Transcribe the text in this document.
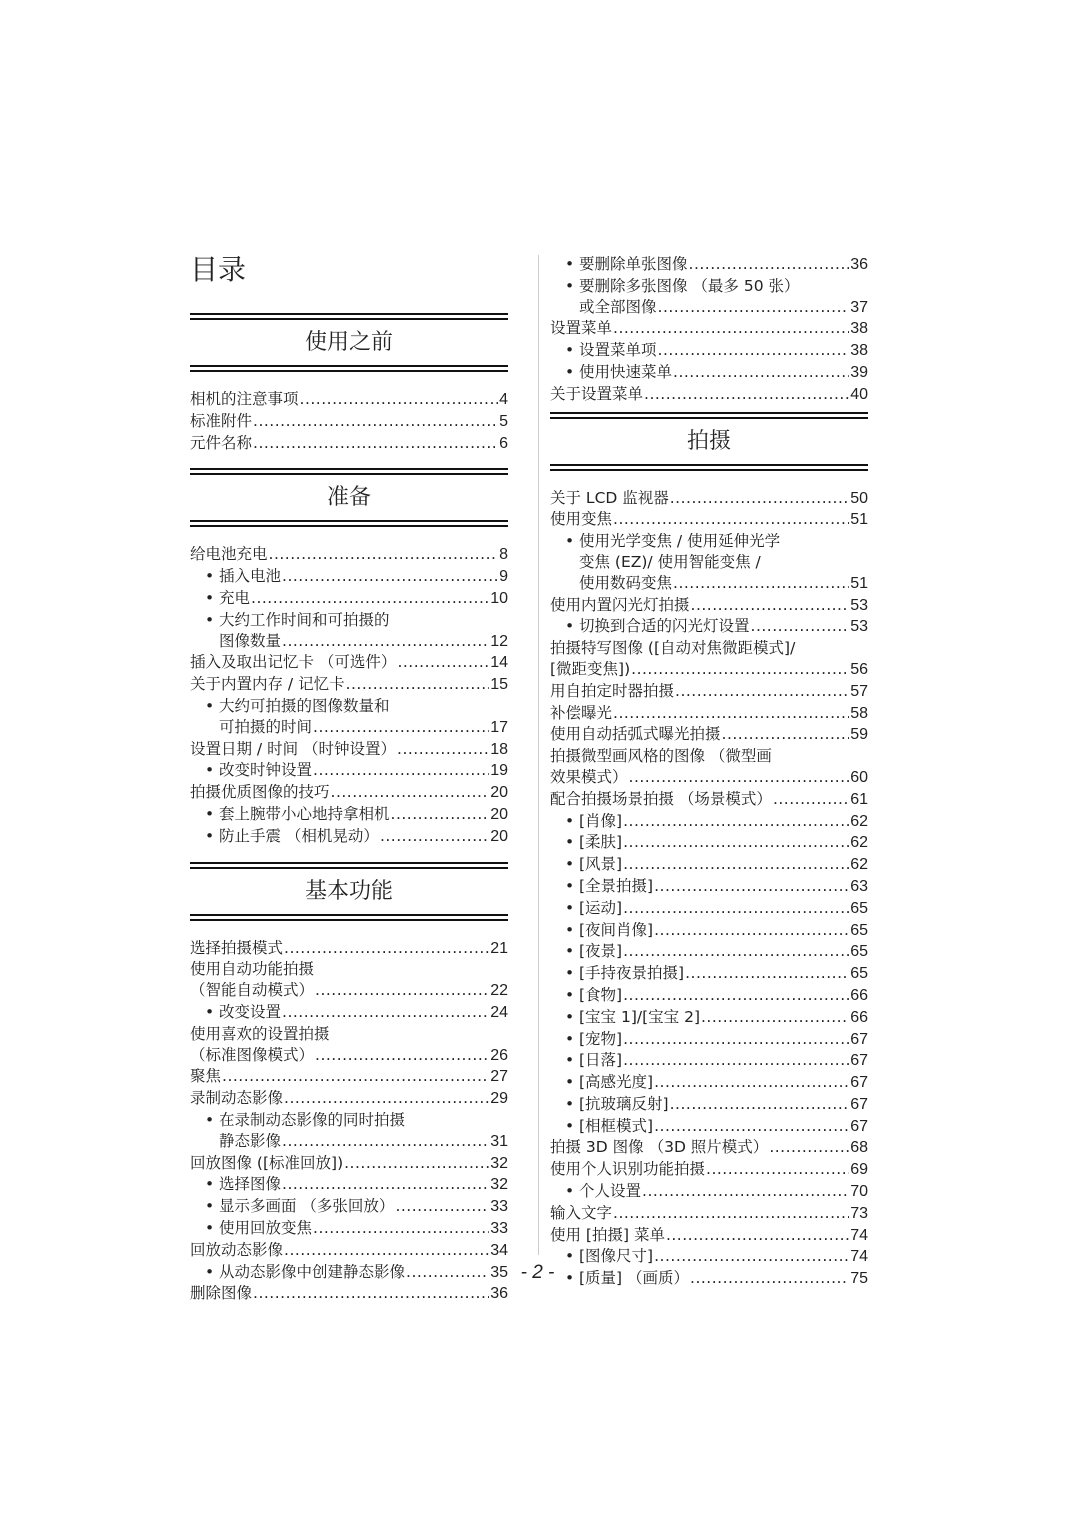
目录
使用之前
相机的注意事项 .....	4
标准附件 .....	5
元件名称 .....	6
准备
给电池充电 .....	8
• 插入电池 .....	9
• 充电 .....	10
• 大约工作时间和可拍摄的
图像数量 .....	12
插入及取出记忆卡 （可选件） .....	14
关于内置内存 / 记忆卡 .....	15
• 大约可拍摄的图像数量和
可拍摄的时间 .....	17
设置日期 / 时间 （时钟设置） .....	18
• 改变时钟设置 .....	19
拍摄优质图像的技巧 .....	20
• 套上腕带小心地持拿相机 .....	20
• 防止手震 （相机晃动） .....	20
基本功能
选择拍摄模式 .....	21
使用自动功能拍摄
（智能自动模式） .....	22
• 改变设置 .....	24
使用喜欢的设置拍摄
（标准图像模式） .....	26
聚焦 .....	27
录制动态影像 .....	29
• 在录制动态影像的同时拍摄
静态影像 .....	31
回放图像 ([标准回放]) .....	32
• 选择图像 .....	32
• 显示多画面 （多张回放） .....	33
• 使用回放变焦 .....	33
回放动态影像 .....	34
• 从动态影像中创建静态影像 .....	35
删除图像 .....	36
• 要删除单张图像 .....	36
• 要删除多张图像 （最多 50 张）
或全部图像 .....	37
设置菜单 .....	38
• 设置菜单项 .....	38
• 使用快速菜单 .....	39
关于设置菜单 .....	40
拍摄
关于 LCD 监视器 .....	50
使用变焦 .....	51
• 使用光学变焦 / 使用延伸光学
变焦 (EZ)/ 使用智能变焦 /
使用数码变焦 .....	51
使用内置闪光灯拍摄 .....	53
• 切换到合适的闪光灯设置 .....	53
拍摄特写图像 ([自动对焦微距模式]/
[微距变焦]) .....	56
用自拍定时器拍摄 .....	57
补偿曝光 .....	58
使用自动括弧式曝光拍摄 .....	59
拍摄微型画风格的图像 （微型画
效果模式） .....	60
配合拍摄场景拍摄 （场景模式） .....	61
• [肖像] .....	62
• [柔肤] .....	62
• [风景] .....	62
• [全景拍摄] .....	63
• [运动] .....	65
• [夜间肖像] .....	65
• [夜景] .....	65
• [手持夜景拍摄] .....	65
• [食物] .....	66
• [宝宝 1]/[宝宝 2] .....	66
• [宠物] .....	67
• [日落] .....	67
• [高感光度] .....	67
• [抗玻璃反射] .....	67
• [相框模式] .....	67
拍摄 3D 图像 （3D 照片模式） .....	68
使用个人识别功能拍摄 .....	69
• 个人设置 .....	70
输入文字 .....	73
使用 [拍摄] 菜单 .....	74
• [图像尺寸] .....	74
• [质量] （画质） .....	75
- 2 -
